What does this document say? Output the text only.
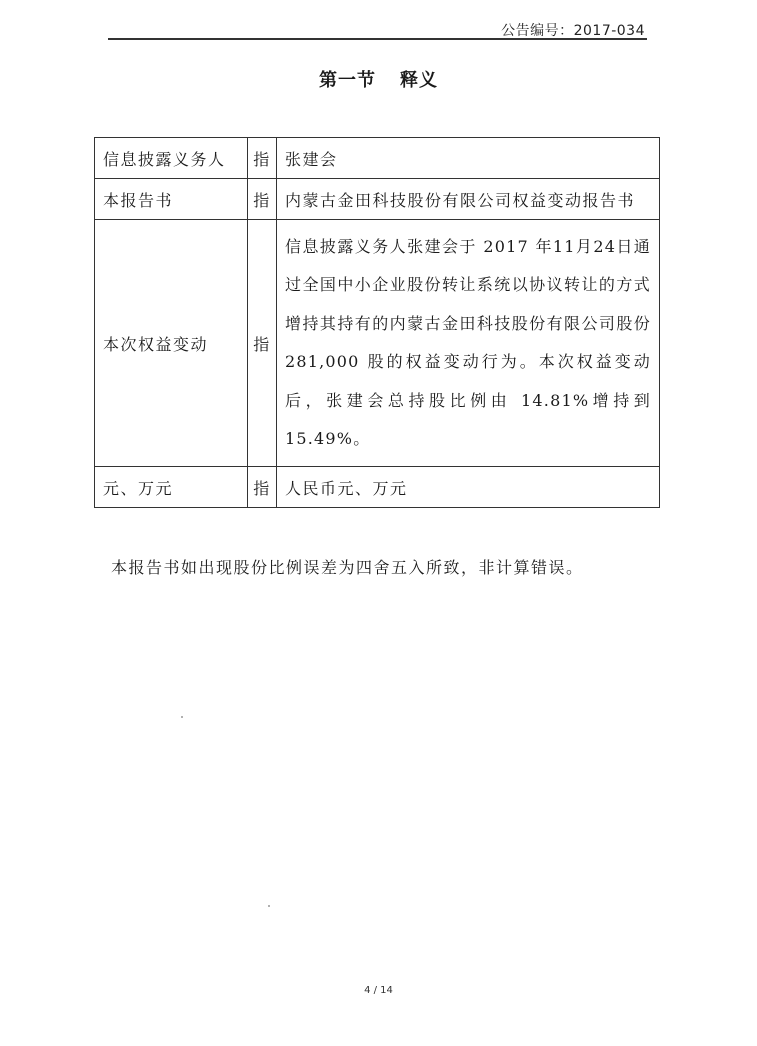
公告编号：2017-034
第一节 释义
信息披露义务人	指	张建会
本报告书	指	内蒙古金田科技股份有限公司权益变动报告书
本次权益变动	指	信息披露义务人张建会于 2017 年11月24日通过全国中小企业股份转让系统以协议转让的方式增持其持有的内蒙古金田科技股份有限公司股份 281,000 股的权益变动行为。本次权益变动后，张建会总持股比例由 14.81%增持到 15.49%。
元、万元	指	人民币元、万元
本报告书如出现股份比例误差为四舍五入所致，非计算错误。
4 / 14
